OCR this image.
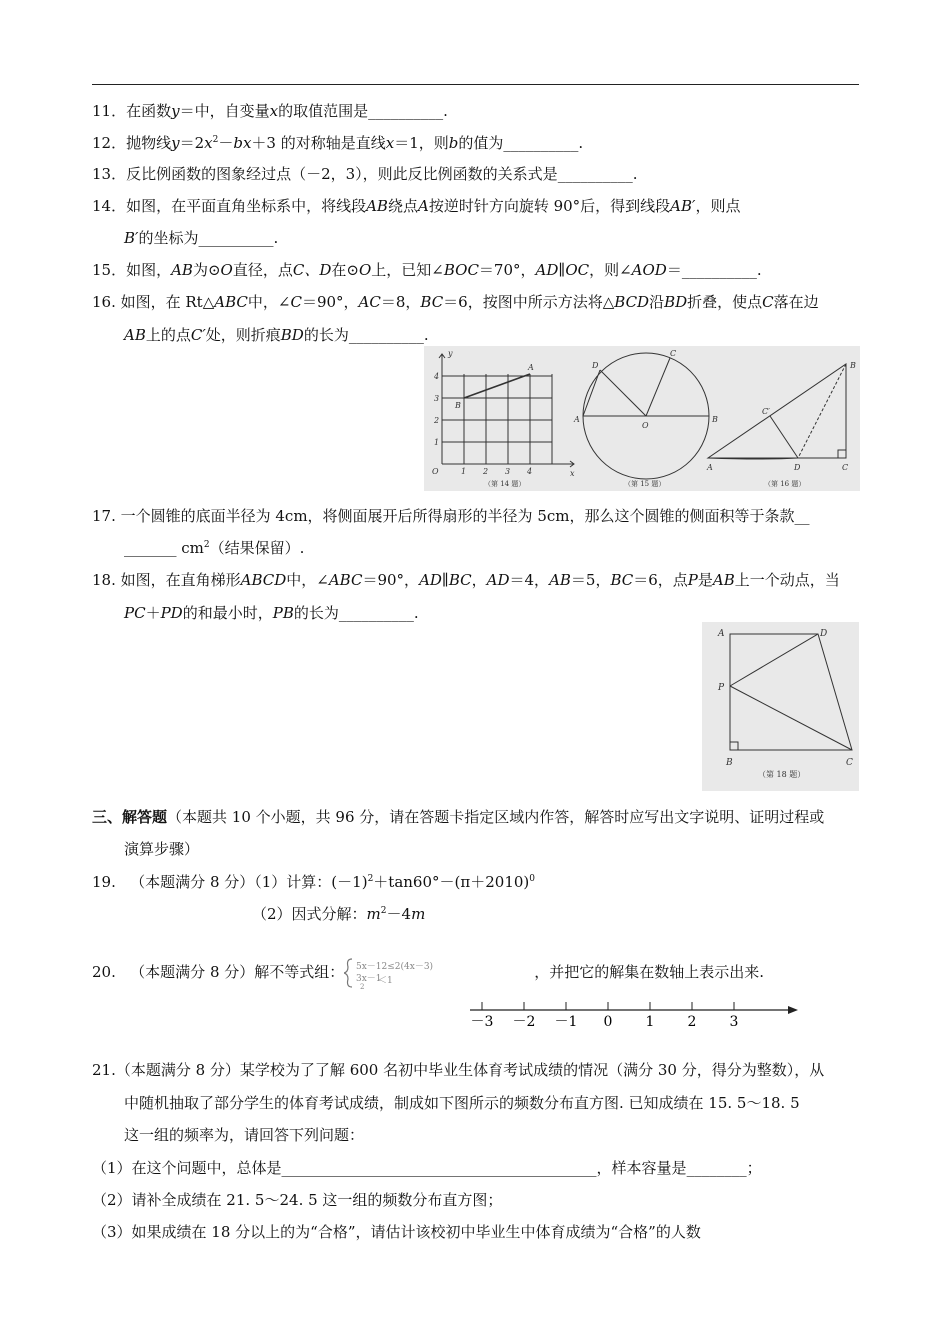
11．在函数y＝中，自变量x的取值范围是__________.
12．抛物线$y=2x^2-bx+3$ 的对称轴是直线x＝1，则b的值为__________.
13．反比例函数的图象经过点（－2，3），则此反比例函数的关系式是__________.
14．如图，在平面直角坐标系中，将线段AB绕点A按逆时针方向旋转 90°后，得到线段AB′，则点
B′的坐标为__________.
15．如图，AB为⊙O直径，点C、D在⊙O上，已知∠BOC＝70°，AD∥OC，则∠AOD＝__________.
16. 如图，在 Rt△ABC中，∠C＝90°，AC＝8，BC＝6，按图中所示方法将△BCD沿BD折叠，使点C落在边
AB上的点C′处，则折痕BD的长为__________.
y
x
O
A
B
1 2 3 4
1
2
3
4
（第 14 题）
A	B
C
D
O
（第 15 题）
A
B
C
C′
D
（第 16 题）
17. 一个圆锥的底面半径为 4cm，将侧面展开后所得扇形的半径为 5cm，那么这个圆锥的侧面积等于条款__
_______ $cm^2$（结果保留）.
18. 如图，在直角梯形ABCD中，∠ABC＝90°，AD∥BC，AD＝4，AB＝5，BC＝6，点P是AB上一个动点，当
PC＋PD的和最小时，PB的长为__________.
A	D
P
B	C
（第 18 题）
三、解答题（本题共 10 个小题，共 96 分，请在答题卡指定区域内作答，解答时应写出文字说明、证明过程或
演算步骤）
19. （本题满分 8 分）（1）计算：$(-1)^2+\tan 60^\circ-(\pi+2010)^0$
（2）因式分解：$m^2-4m$
20. （本题满分 8 分）解不等式组： 5x－12≤2(4x－3)
3x－1
2
＜1	，并把它的解集在数轴上表示出来.
－3 －2 －1 0 1 2 3
21.（本题满分 8 分）某学校为了了解 600 名初中毕业生体育考试成绩的情况（满分 30 分，得分为整数），从
中随机抽取了部分学生的体育考试成绩，制成如下图所示的频数分布直方图. 已知成绩在 15. 5～18. 5
这一组的频率为，请回答下列问题：
（1）在这个问题中，总体是__________________________________________，样本容量是________；
（2）请补全成绩在 21. 5～24. 5 这一组的频数分布直方图；
（3）如果成绩在 18 分以上的为“合格”，请估计该校初中毕业生中体育成绩为“合格”的人数
